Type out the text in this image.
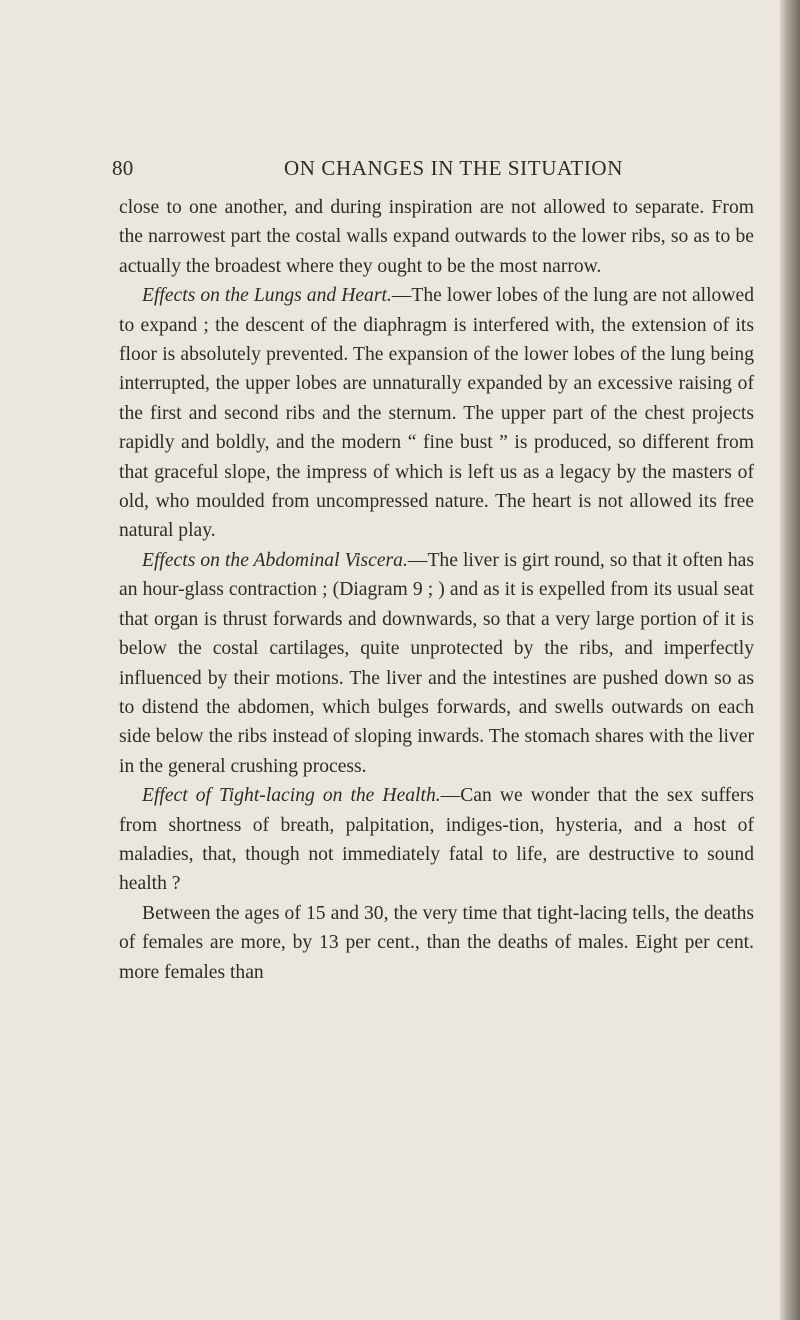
80	ON CHANGES IN THE SITUATION

close to one another, and during inspiration are not allowed to separate. From the narrowest part the costal walls expand outwards to the lower ribs, so as to be actually the broadest where they ought to be the most narrow.

Effects on the Lungs and Heart.—The lower lobes of the lung are not allowed to expand ; the descent of the diaphragm is interfered with, the extension of its floor is absolutely prevented. The expansion of the lower lobes of the lung being interrupted, the upper lobes are unnaturally expanded by an excessive raising of the first and second ribs and the sternum. The upper part of the chest projects rapidly and boldly, and the modern “ fine bust ” is produced, so different from that graceful slope, the impress of which is left us as a legacy by the masters of old, who moulded from uncompressed nature. The heart is not allowed its free natural play.

Effects on the Abdominal Viscera.—The liver is girt round, so that it often has an hour-glass contraction ; (Diagram 9 ; ) and as it is expelled from its usual seat that organ is thrust forwards and downwards, so that a very large portion of it is below the costal cartilages, quite unprotected by the ribs, and imperfectly influenced by their motions. The liver and the intestines are pushed down so as to distend the abdomen, which bulges forwards, and swells outwards on each side below the ribs instead of sloping inwards. The stomach shares with the liver in the general crushing process.

Effect of Tight-lacing on the Health.—Can we wonder that the sex suffers from shortness of breath, palpitation, indiges-tion, hysteria, and a host of maladies, that, though not immediately fatal to life, are destructive to sound health ?

Between the ages of 15 and 30, the very time that tight-lacing tells, the deaths of females are more, by 13 per cent., than the deaths of males. Eight per cent. more females than
